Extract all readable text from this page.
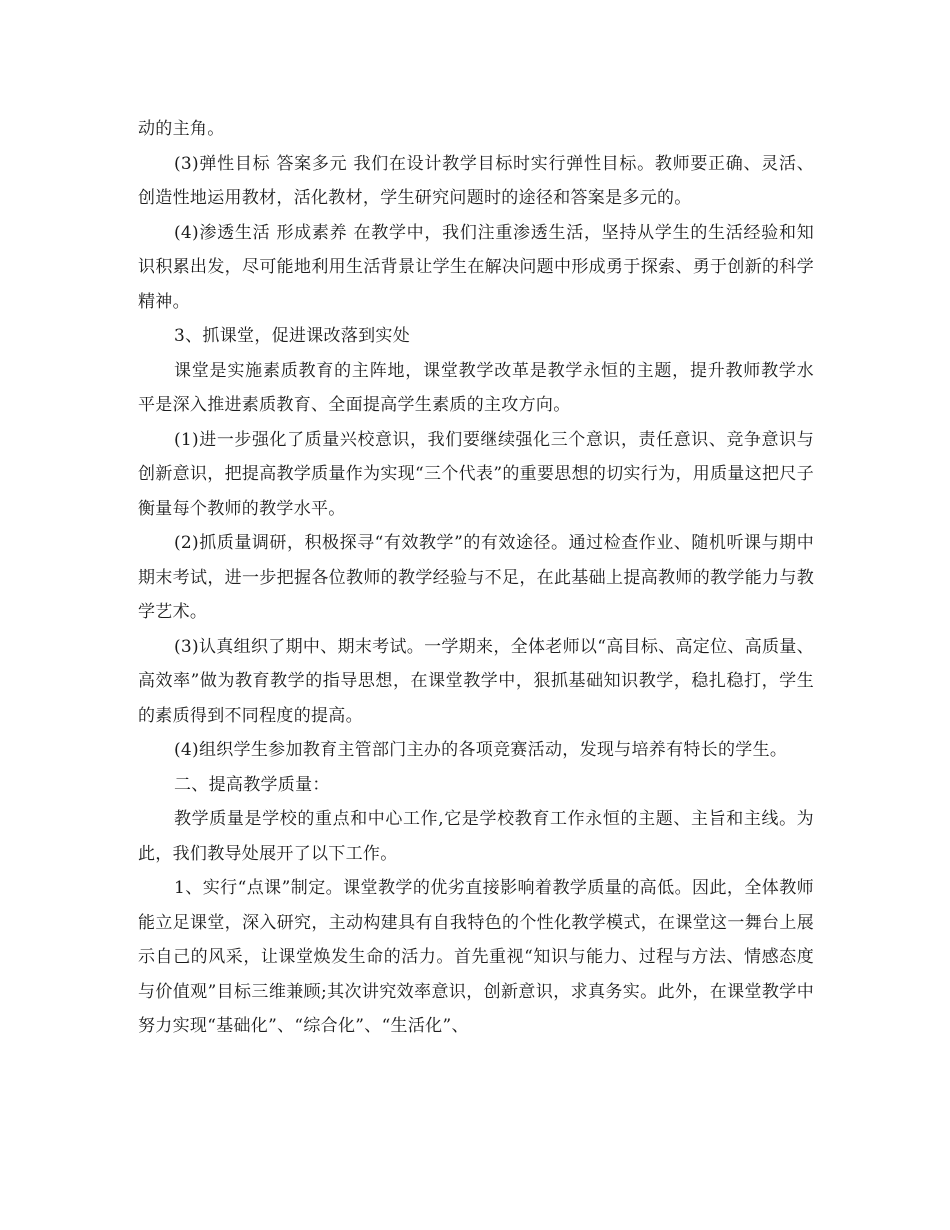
动的主角。

(3)弹性目标 答案多元 我们在设计教学目标时实行弹性目标。教师要正确、灵活、创造性地运用教材，活化教材，学生研究问题时的途径和答案是多元的。

(4)渗透生活 形成素养 在教学中，我们注重渗透生活，坚持从学生的生活经验和知识积累出发，尽可能地利用生活背景让学生在解决问题中形成勇于探索、勇于创新的科学精神。

3、抓课堂，促进课改落到实处

课堂是实施素质教育的主阵地，课堂教学改革是教学永恒的主题，提升教师教学水平是深入推进素质教育、全面提高学生素质的主攻方向。

(1)进一步强化了质量兴校意识，我们要继续强化三个意识，责任意识、竞争意识与创新意识，把提高教学质量作为实现“三个代表”的重要思想的切实行为，用质量这把尺子衡量每个教师的教学水平。

(2)抓质量调研，积极探寻“有效教学”的有效途径。通过检查作业、随机听课与期中期末考试，进一步把握各位教师的教学经验与不足，在此基础上提高教师的教学能力与教学艺术。

(3)认真组织了期中、期末考试。一学期来，全体老师以“高目标、高定位、高质量、高效率”做为教育教学的指导思想，在课堂教学中，狠抓基础知识教学，稳扎稳打，学生的素质得到不同程度的提高。

(4)组织学生参加教育主管部门主办的各项竞赛活动，发现与培养有特长的学生。

二、提高教学质量：

教学质量是学校的重点和中心工作,它是学校教育工作永恒的主题、主旨和主线。为此，我们教导处展开了以下工作。

1、实行“点课”制定。课堂教学的优劣直接影响着教学质量的高低。因此，全体教师能立足课堂，深入研究，主动构建具有自我特色的个性化教学模式，在课堂这一舞台上展示自己的风采，让课堂焕发生命的活力。首先重视“知识与能力、过程与方法、情感态度与价值观”目标三维兼顾;其次讲究效率意识，创新意识，求真务实。此外，在课堂教学中努力实现“基础化”、“综合化”、“生活化”、
